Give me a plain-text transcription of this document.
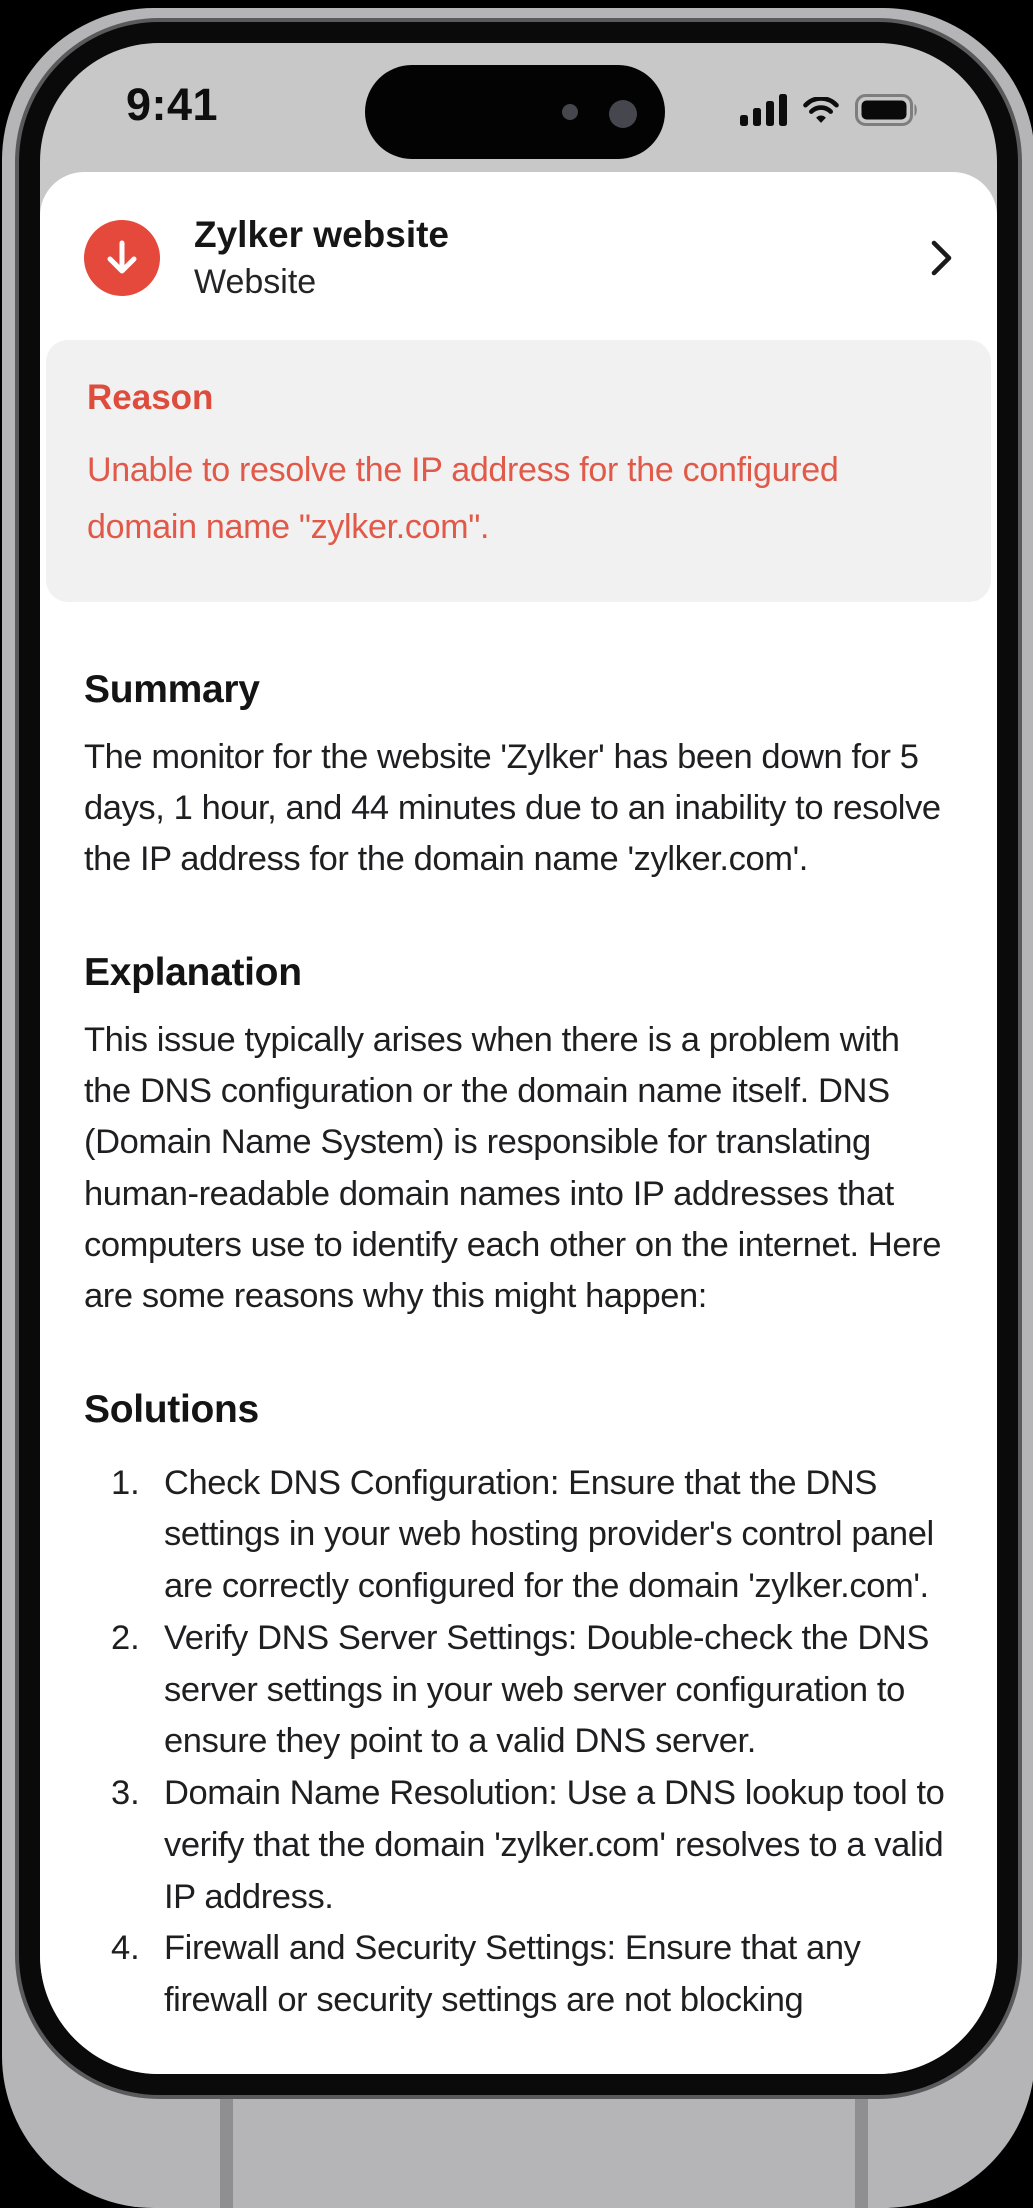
9:41
Zylker website
Website
Reason
Unable to resolve the IP address for the configured domain name "zylker.com".
Summary

The monitor for the website 'Zylker' has been down for 5 days, 1 hour, and 44 minutes due to an inability to resolve the IP address for the domain name 'zylker.com'.

Explanation

This issue typically arises when there is a problem with the DNS configuration or the domain name itself. DNS (Domain Name System) is responsible for translating human-readable domain names into IP addresses that computers use to identify each other on the internet. Here are some reasons why this might happen:

Solutions
1. Check DNS Configuration: Ensure that the DNS settings in your web hosting provider's control panel are correctly configured for the domain 'zylker.com'.
2. Verify DNS Server Settings: Double-check the DNS server settings in your web server configuration to ensure they point to a valid DNS server.
3. Domain Name Resolution: Use a DNS lookup tool to verify that the domain 'zylker.com' resolves to a valid IP address.
4. Firewall and Security Settings: Ensure that any firewall or security settings are not blocking
